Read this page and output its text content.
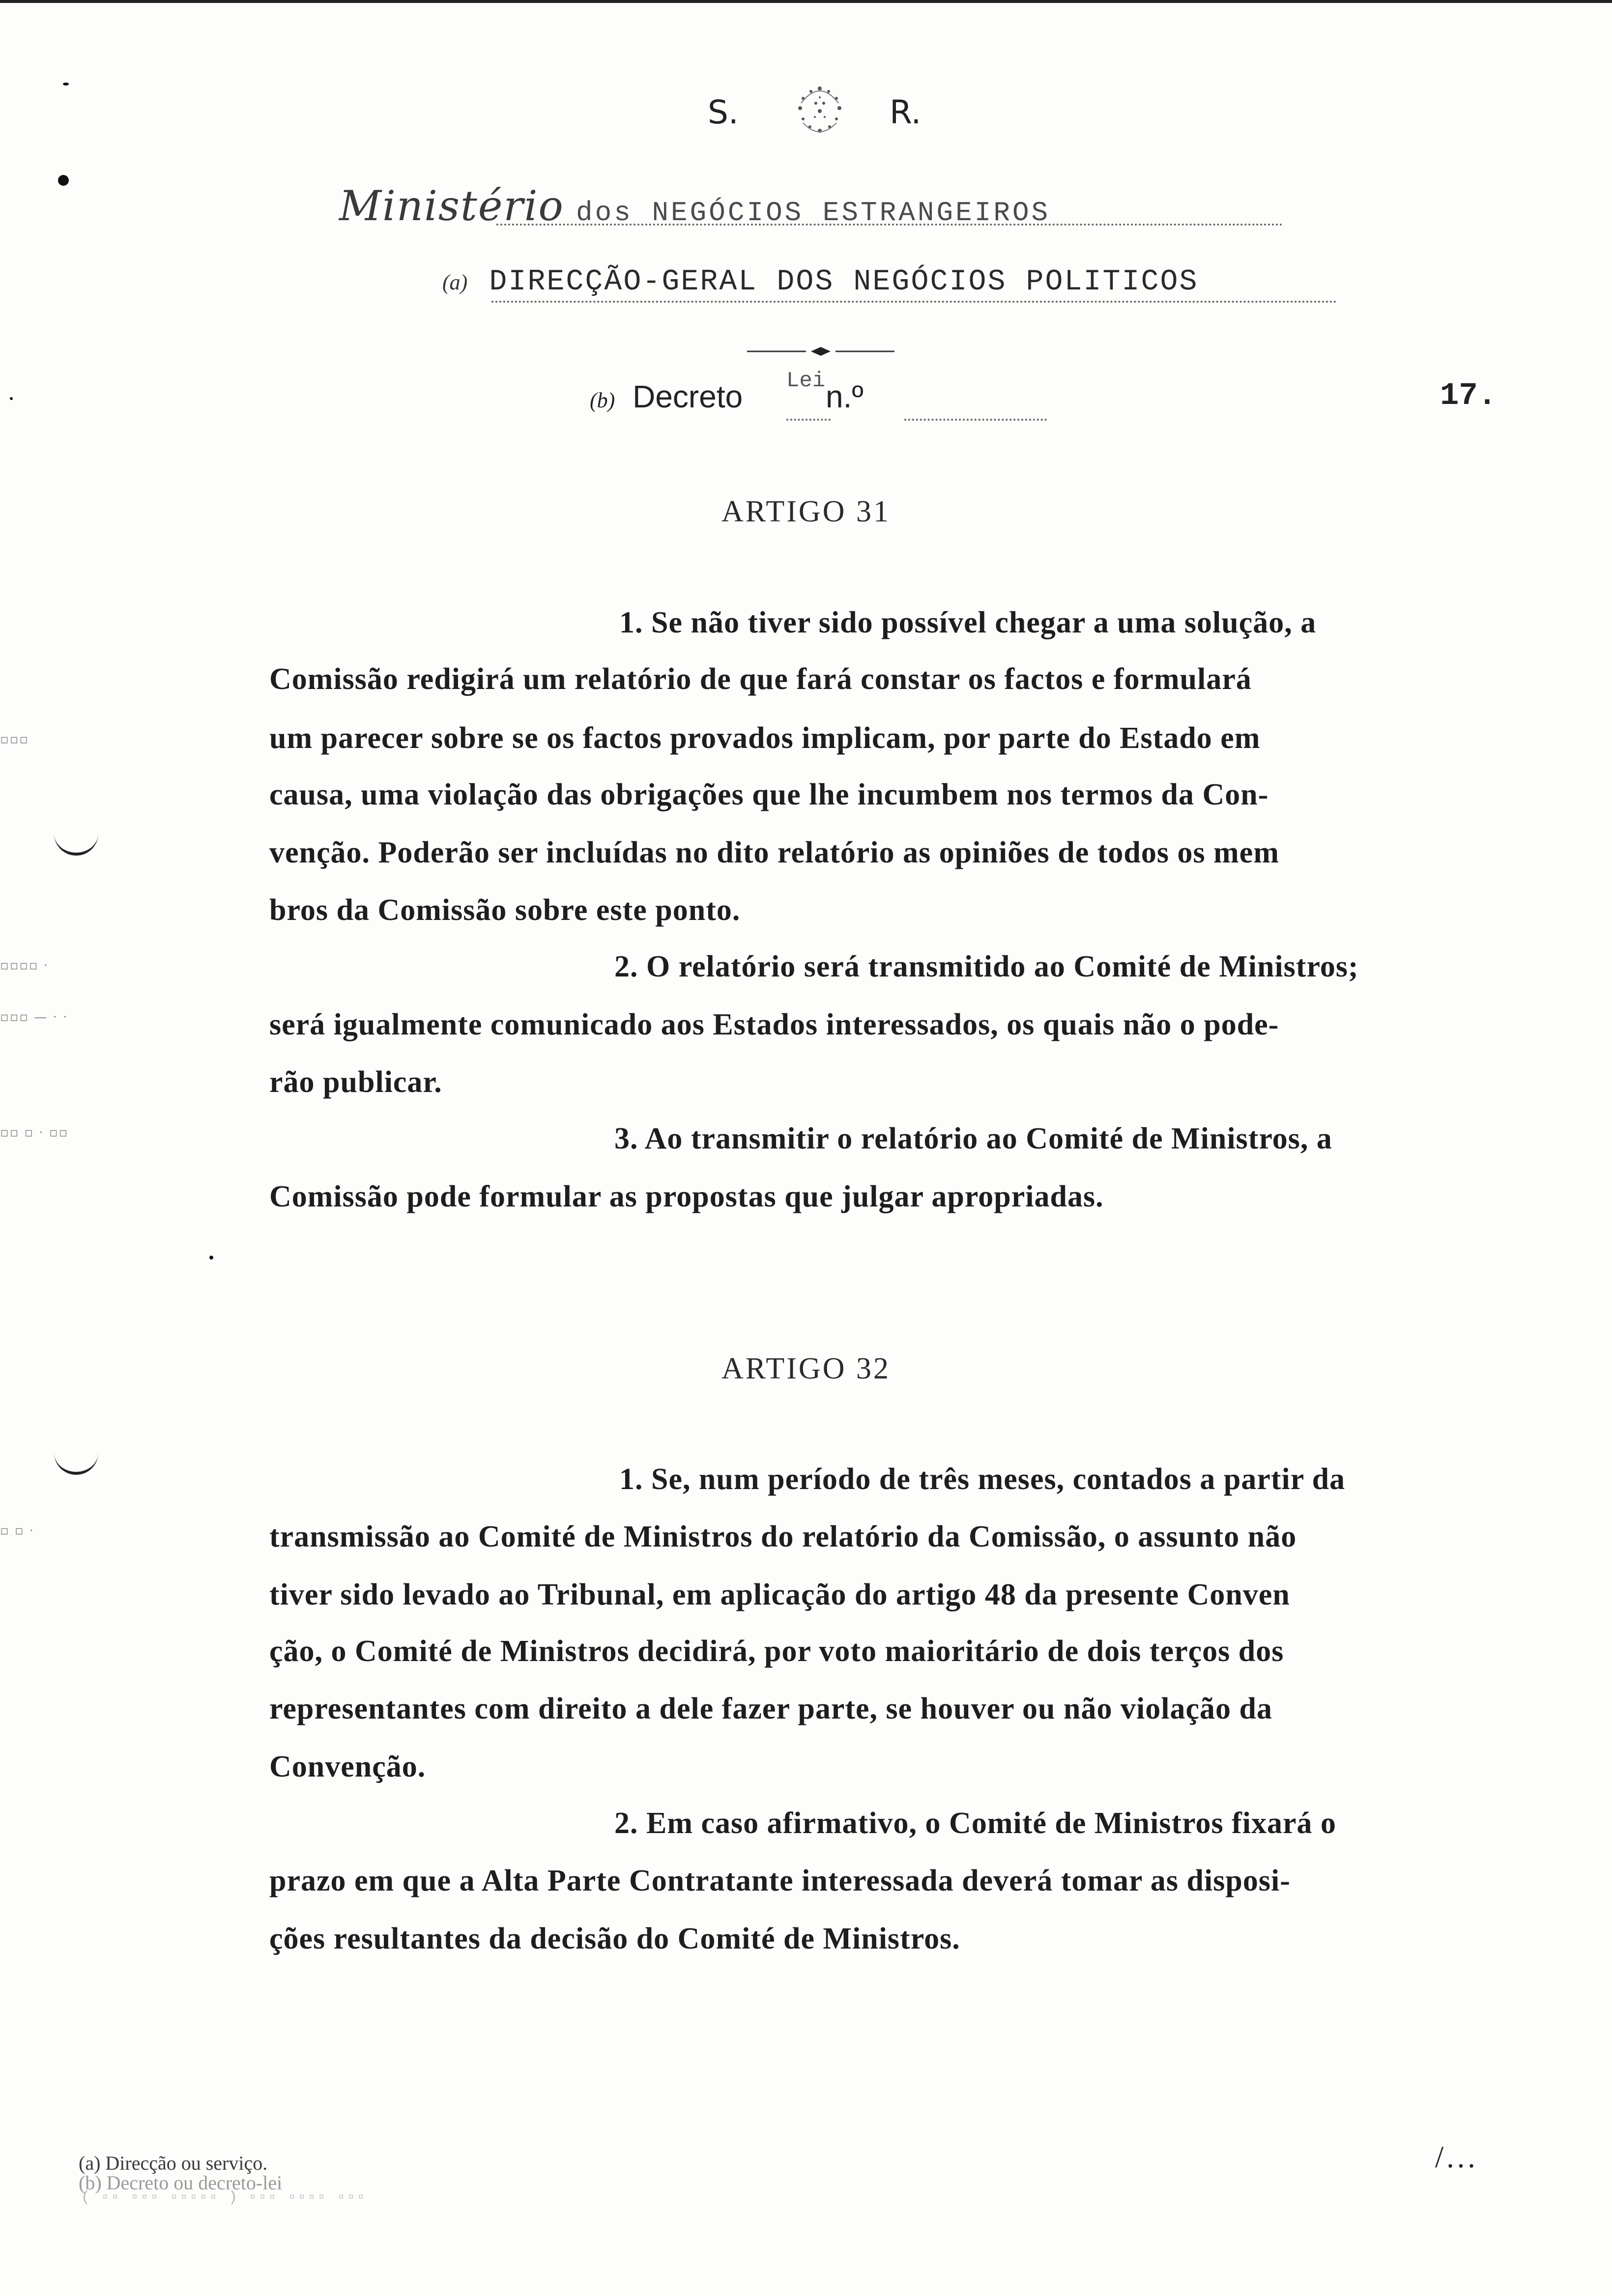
▫▫▫
▫▫▫▫ ·
▫▫▫ — · ·
▫▫ ▫ · ▫▫
▫ ▫ ·
S.	R.
Ministério dos NEGÓCIOS ESTRANGEIROS
(a) DIRECÇÃO-GERAL DOS NEGÓCIOS POLITICOS
(b) Decreto Lei n.º	17.
ARTIGO 31
1. Se não tiver sido possível chegar a uma solução, a
Comissão redigirá um relatório de que fará constar os factos e formulará
um parecer sobre se os factos provados implicam, por parte do Estado em
causa, uma violação das obrigações que lhe incumbem nos termos da Con-
venção. Poderão ser incluídas no dito relatório as opiniões de todos os mem
bros da Comissão sobre este ponto.
2. O relatório será transmitido ao Comité de Ministros;
será igualmente comunicado aos Estados interessados, os quais não o pode-
rão publicar.
3. Ao transmitir o relatório ao Comité de Ministros, a
Comissão pode formular as propostas que julgar apropriadas.
ARTIGO 32
1. Se, num período de três meses, contados a partir da
transmissão ao Comité de Ministros do relatório da Comissão, o assunto não
tiver sido levado ao Tribunal, em aplicação do artigo 48 da presente Conven
ção, o Comité de Ministros decidirá, por voto maioritário de dois terços dos
representantes com direito a dele fazer parte, se houver ou não violação da
Convenção.
2. Em caso afirmativo, o Comité de Ministros fixará o
prazo em que a Alta Parte Contratante interessada deverá tomar as disposi-
ções resultantes da decisão do Comité de Ministros.
(a) Direcção ou serviço.
(b) Decreto ou decreto-lei
( ▫▫ ▫▫▫ ▫▫▫▫▫ ) ▫▫▫ ▫▫▫▫ ▫▫▫
/...
